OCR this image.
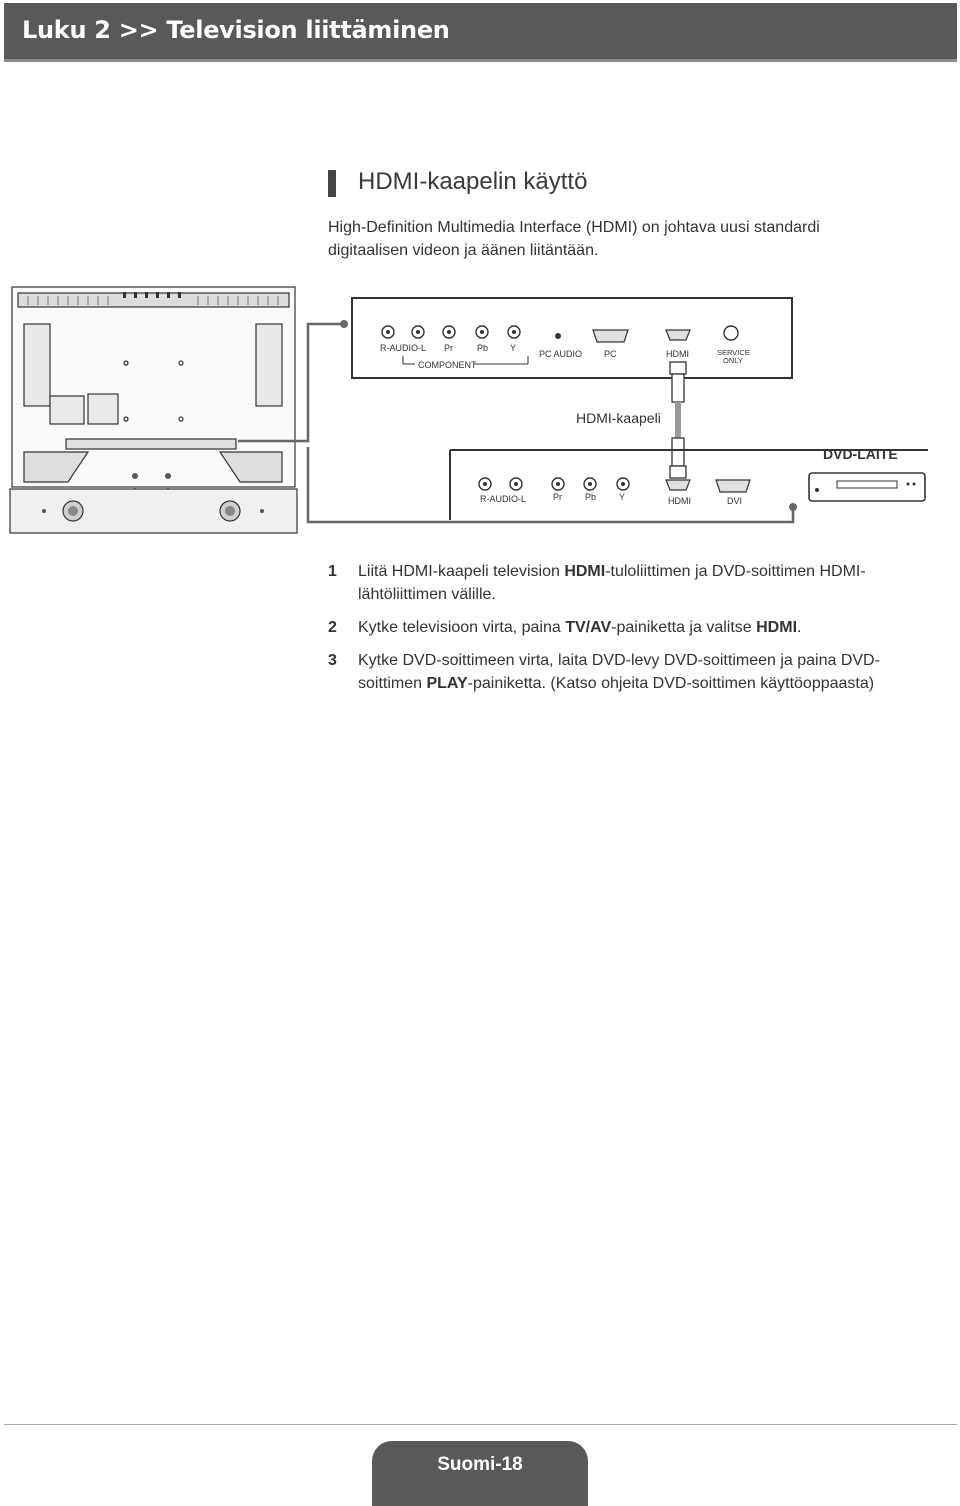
Luku 2 >> Television liittäminen
HDMI-kaapelin käyttö
High-Definition Multimedia Interface (HDMI) on johtava uusi standardi
digitaalisen videon ja äänen liitäntään.
R-AUDIO-L Pr	Pb Y
COMPONENT
PC AUDIO PC	HDMI	SERVICE
ONLY
HDMI-kaapeli
DVD-LAITE
R-AUDIO-L	Pr	Pb	Y	HDMI	DVI
1 Liitä HDMI-kaapeli television HDMI-tuloliittimen ja DVD-soittimen HDMI-lähtöliittimen välille.
2 Kytke televisioon virta, paina TV/AV-painiketta ja valitse HDMI.
3 Kytke DVD-soittimeen virta, laita DVD-levy DVD-soittimeen ja paina DVD-soittimen PLAY-painiketta. (Katso ohjeita DVD-soittimen käyttöoppaasta)
Suomi-18
